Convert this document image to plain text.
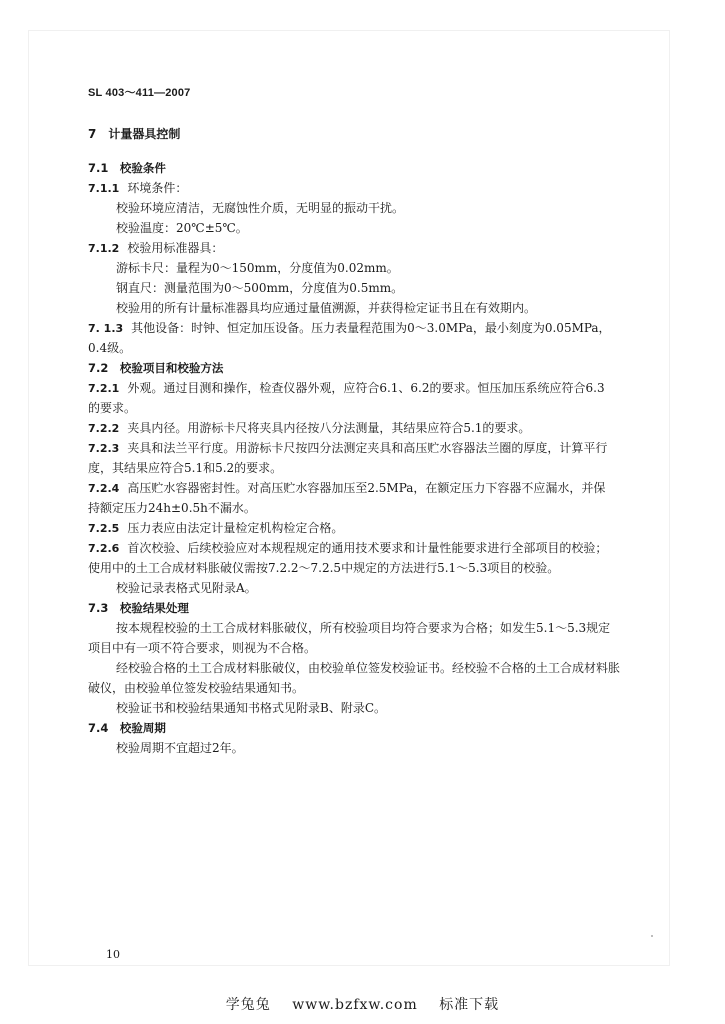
SL 403～411—2007
7　计量器具控制
7.1　校验条件
7.1.1 环境条件：
校验环境应清洁，无腐蚀性介质，无明显的振动干扰。
校验温度：20℃±5℃。
7.1.2 校验用标准器具：
游标卡尺：量程为0～150mm，分度值为0.02mm。
钢直尺：测量范围为0～500mm，分度值为0.5mm。
校验用的所有计量标准器具均应通过量值溯源，并获得检定证书且在有效期内。
7. 1.3 其他设备：时钟、恒定加压设备。压力表量程范围为0～3.0MPa，最小刻度为0.05MPa，
0.4级。
7.2　校验项目和校验方法
7.2.1 外观。通过目测和操作，检查仪器外观，应符合6.1、6.2的要求。恒压加压系统应符合6.3
的要求。
7.2.2 夹具内径。用游标卡尺将夹具内径按八分法测量，其结果应符合5.1的要求。
7.2.3 夹具和法兰平行度。用游标卡尺按四分法测定夹具和高压贮水容器法兰圈的厚度，计算平行
度，其结果应符合5.1和5.2的要求。
7.2.4 高压贮水容器密封性。对高压贮水容器加压至2.5MPa，在额定压力下容器不应漏水，并保
持额定压力24h±0.5h不漏水。
7.2.5 压力表应由法定计量检定机构检定合格。
7.2.6 首次校验、后续校验应对本规程规定的通用技术要求和计量性能要求进行全部项目的校验；
使用中的土工合成材料胀破仪需按7.2.2～7.2.5中规定的方法进行5.1～5.3项目的校验。
校验记录表格式见附录A。
7.3　校验结果处理
按本规程校验的土工合成材料胀破仪，所有校验项目均符合要求为合格；如发生5.1～5.3规定
项目中有一项不符合要求，则视为不合格。
经校验合格的土工合成材料胀破仪，由校验单位签发校验证书。经校验不合格的土工合成材料胀
破仪，由校验单位签发校验结果通知书。
校验证书和校验结果通知书格式见附录B、附录C。
7.4　校验周期
校验周期不宜超过2年。
10
学兔兔 www.bzfxw.com 标准下载
